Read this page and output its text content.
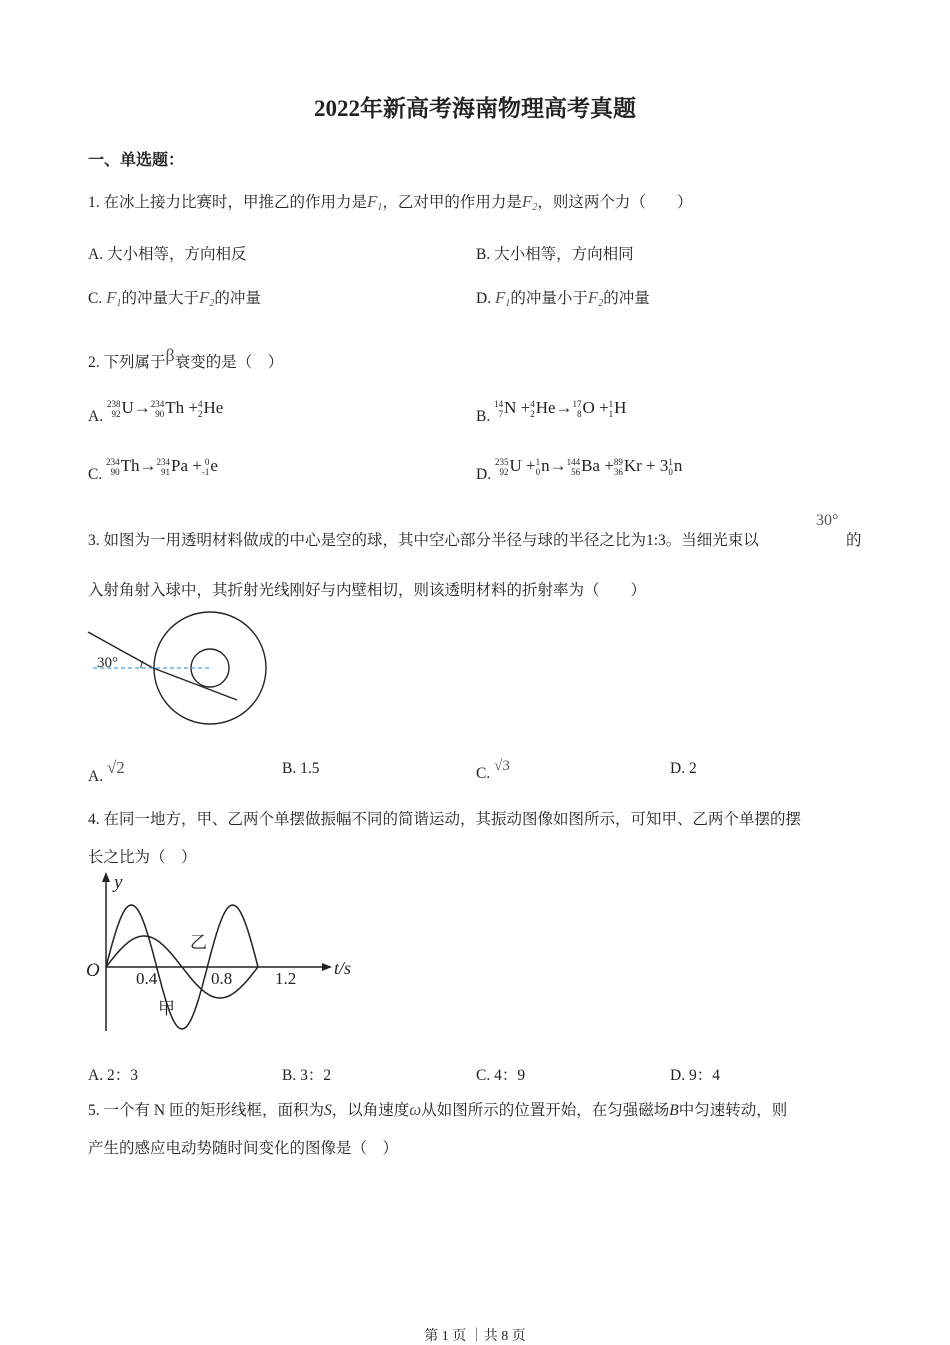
2022年新高考海南物理高考真题
一、单选题：
1. 在冰上接力比赛时，甲推乙的作用力是$F_1$，乙对甲的作用力是$F_2$，则这两个力（　　）
A. 大小相等，方向相反	B. 大小相等，方向相同
C. $F_1$的冲量大于$F_2$的冲量	D. $F_1$的冲量小于$F_2$的冲量
2. 下列属于β衰变的是（　）
A.
238
92 U→ 234
90 Th + 4
2 He	B.
14
7 N + 4
2 He→ 17
8 O + 1
1 H
C.
234
90 Th→ 234
91 Pa + 0
-1 e	D.
235
92 U + 1
0 n→ 144
56 Ba + 89
36 Kr + 3 1
0 n
3. 如图为一用透明材料做成的中心是空的球，其中空心部分半径与球的半径之比为1:3。当细光束以
30°
的
入射角射入球中，其折射光线刚好与内壁相切，则该透明材料的折射率为（　　）
30°
A. √2	B. 1.5	C. √3	D. 2
4. 在同一地方，甲、乙两个单摆做振幅不同的简谐运动，其振动图像如图所示，可知甲、乙两个单摆的摆
长之比为（　）
y
O	t/s
0.4	0.8	1.2
乙
甲
A. 2：3	B. 3：2	C. 4：9	D. 9：4
5. 一个有 N 匝的矩形线框，面积为S，以角速度ω从如图所示的位置开始，在匀强磁场B中匀速转动，则
产生的感应电动势随时间变化的图像是（　）
第 1 页 ｜共 8 页
